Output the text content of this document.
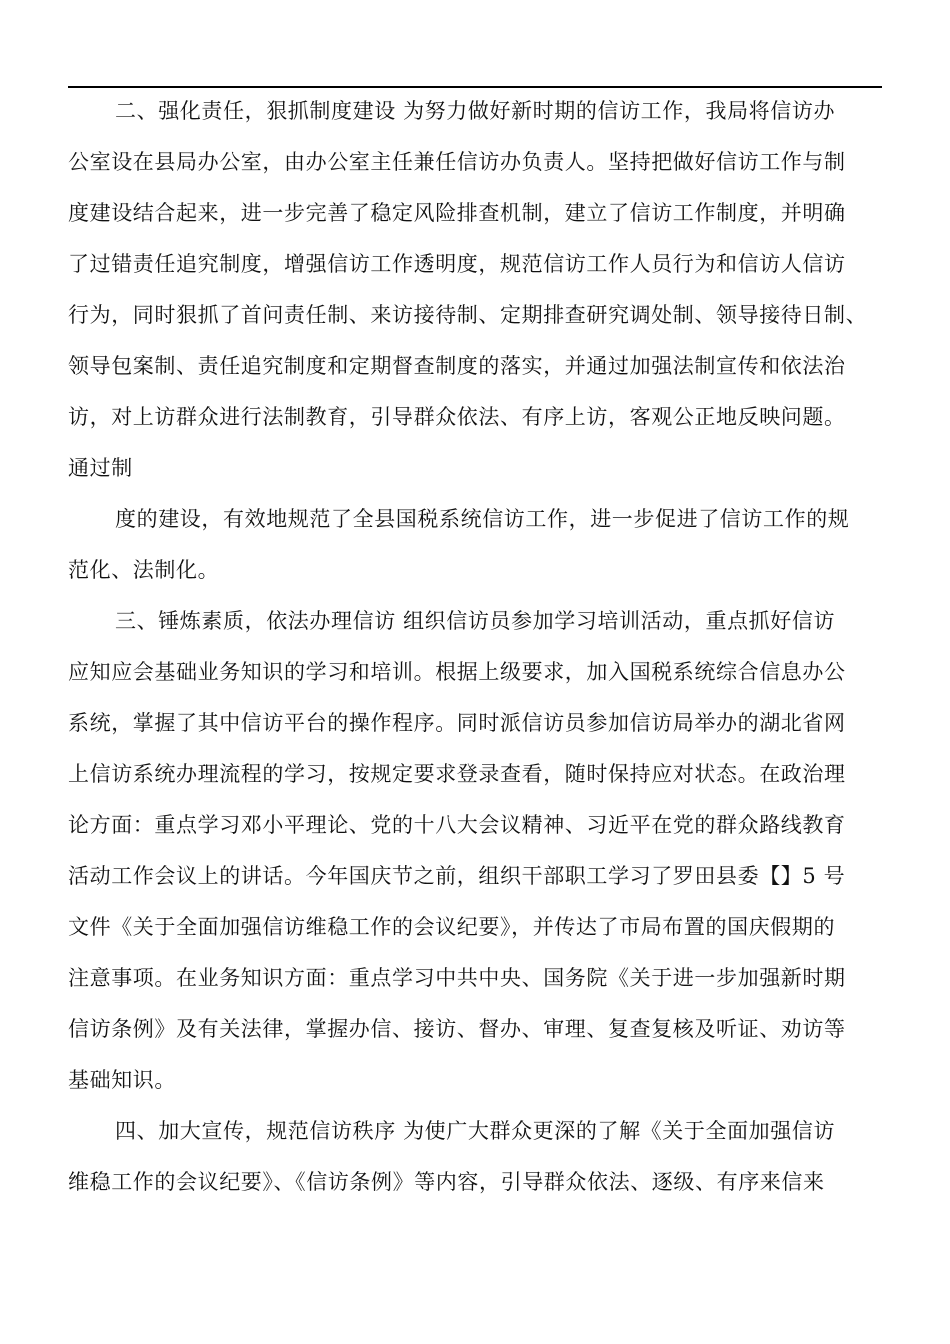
二、强化责任，狠抓制度建设 为努力做好新时期的信访工作，我局将信访办
公室设在县局办公室，由办公室主任兼任信访办负责人。坚持把做好信访工作与制
度建设结合起来，进一步完善了稳定风险排查机制，建立了信访工作制度，并明确
了过错责任追究制度，增强信访工作透明度，规范信访工作人员行为和信访人信访
行为，同时狠抓了首问责任制、来访接待制、定期排查研究调处制、领导接待日制、
领导包案制、责任追究制度和定期督查制度的落实，并通过加强法制宣传和依法治
访，对上访群众进行法制教育，引导群众依法、有序上访，客观公正地反映问题。
通过制
度的建设，有效地规范了全县国税系统信访工作，进一步促进了信访工作的规
范化、法制化。
三、锤炼素质，依法办理信访 组织信访员参加学习培训活动，重点抓好信访
应知应会基础业务知识的学习和培训。根据上级要求，加入国税系统综合信息办公
系统，掌握了其中信访平台的操作程序。同时派信访员参加信访局举办的湖北省网
上信访系统办理流程的学习，按规定要求登录查看，随时保持应对状态。在政治理
论方面：重点学习邓小平理论、党的十八大会议精神、习近平在党的群众路线教育
活动工作会议上的讲话。今年国庆节之前，组织干部职工学习了罗田县委【】5 号
文件《关于全面加强信访维稳工作的会议纪要》，并传达了市局布置的国庆假期的
注意事项。在业务知识方面：重点学习中共中央、国务院《关于进一步加强新时期
信访条例》及有关法律，掌握办信、接访、督办、审理、复查复核及听证、劝访等
基础知识。
四、加大宣传，规范信访秩序 为使广大群众更深的了解《关于全面加强信访
维稳工作的会议纪要》、《信访条例》等内容，引导群众依法、逐级、有序来信来
